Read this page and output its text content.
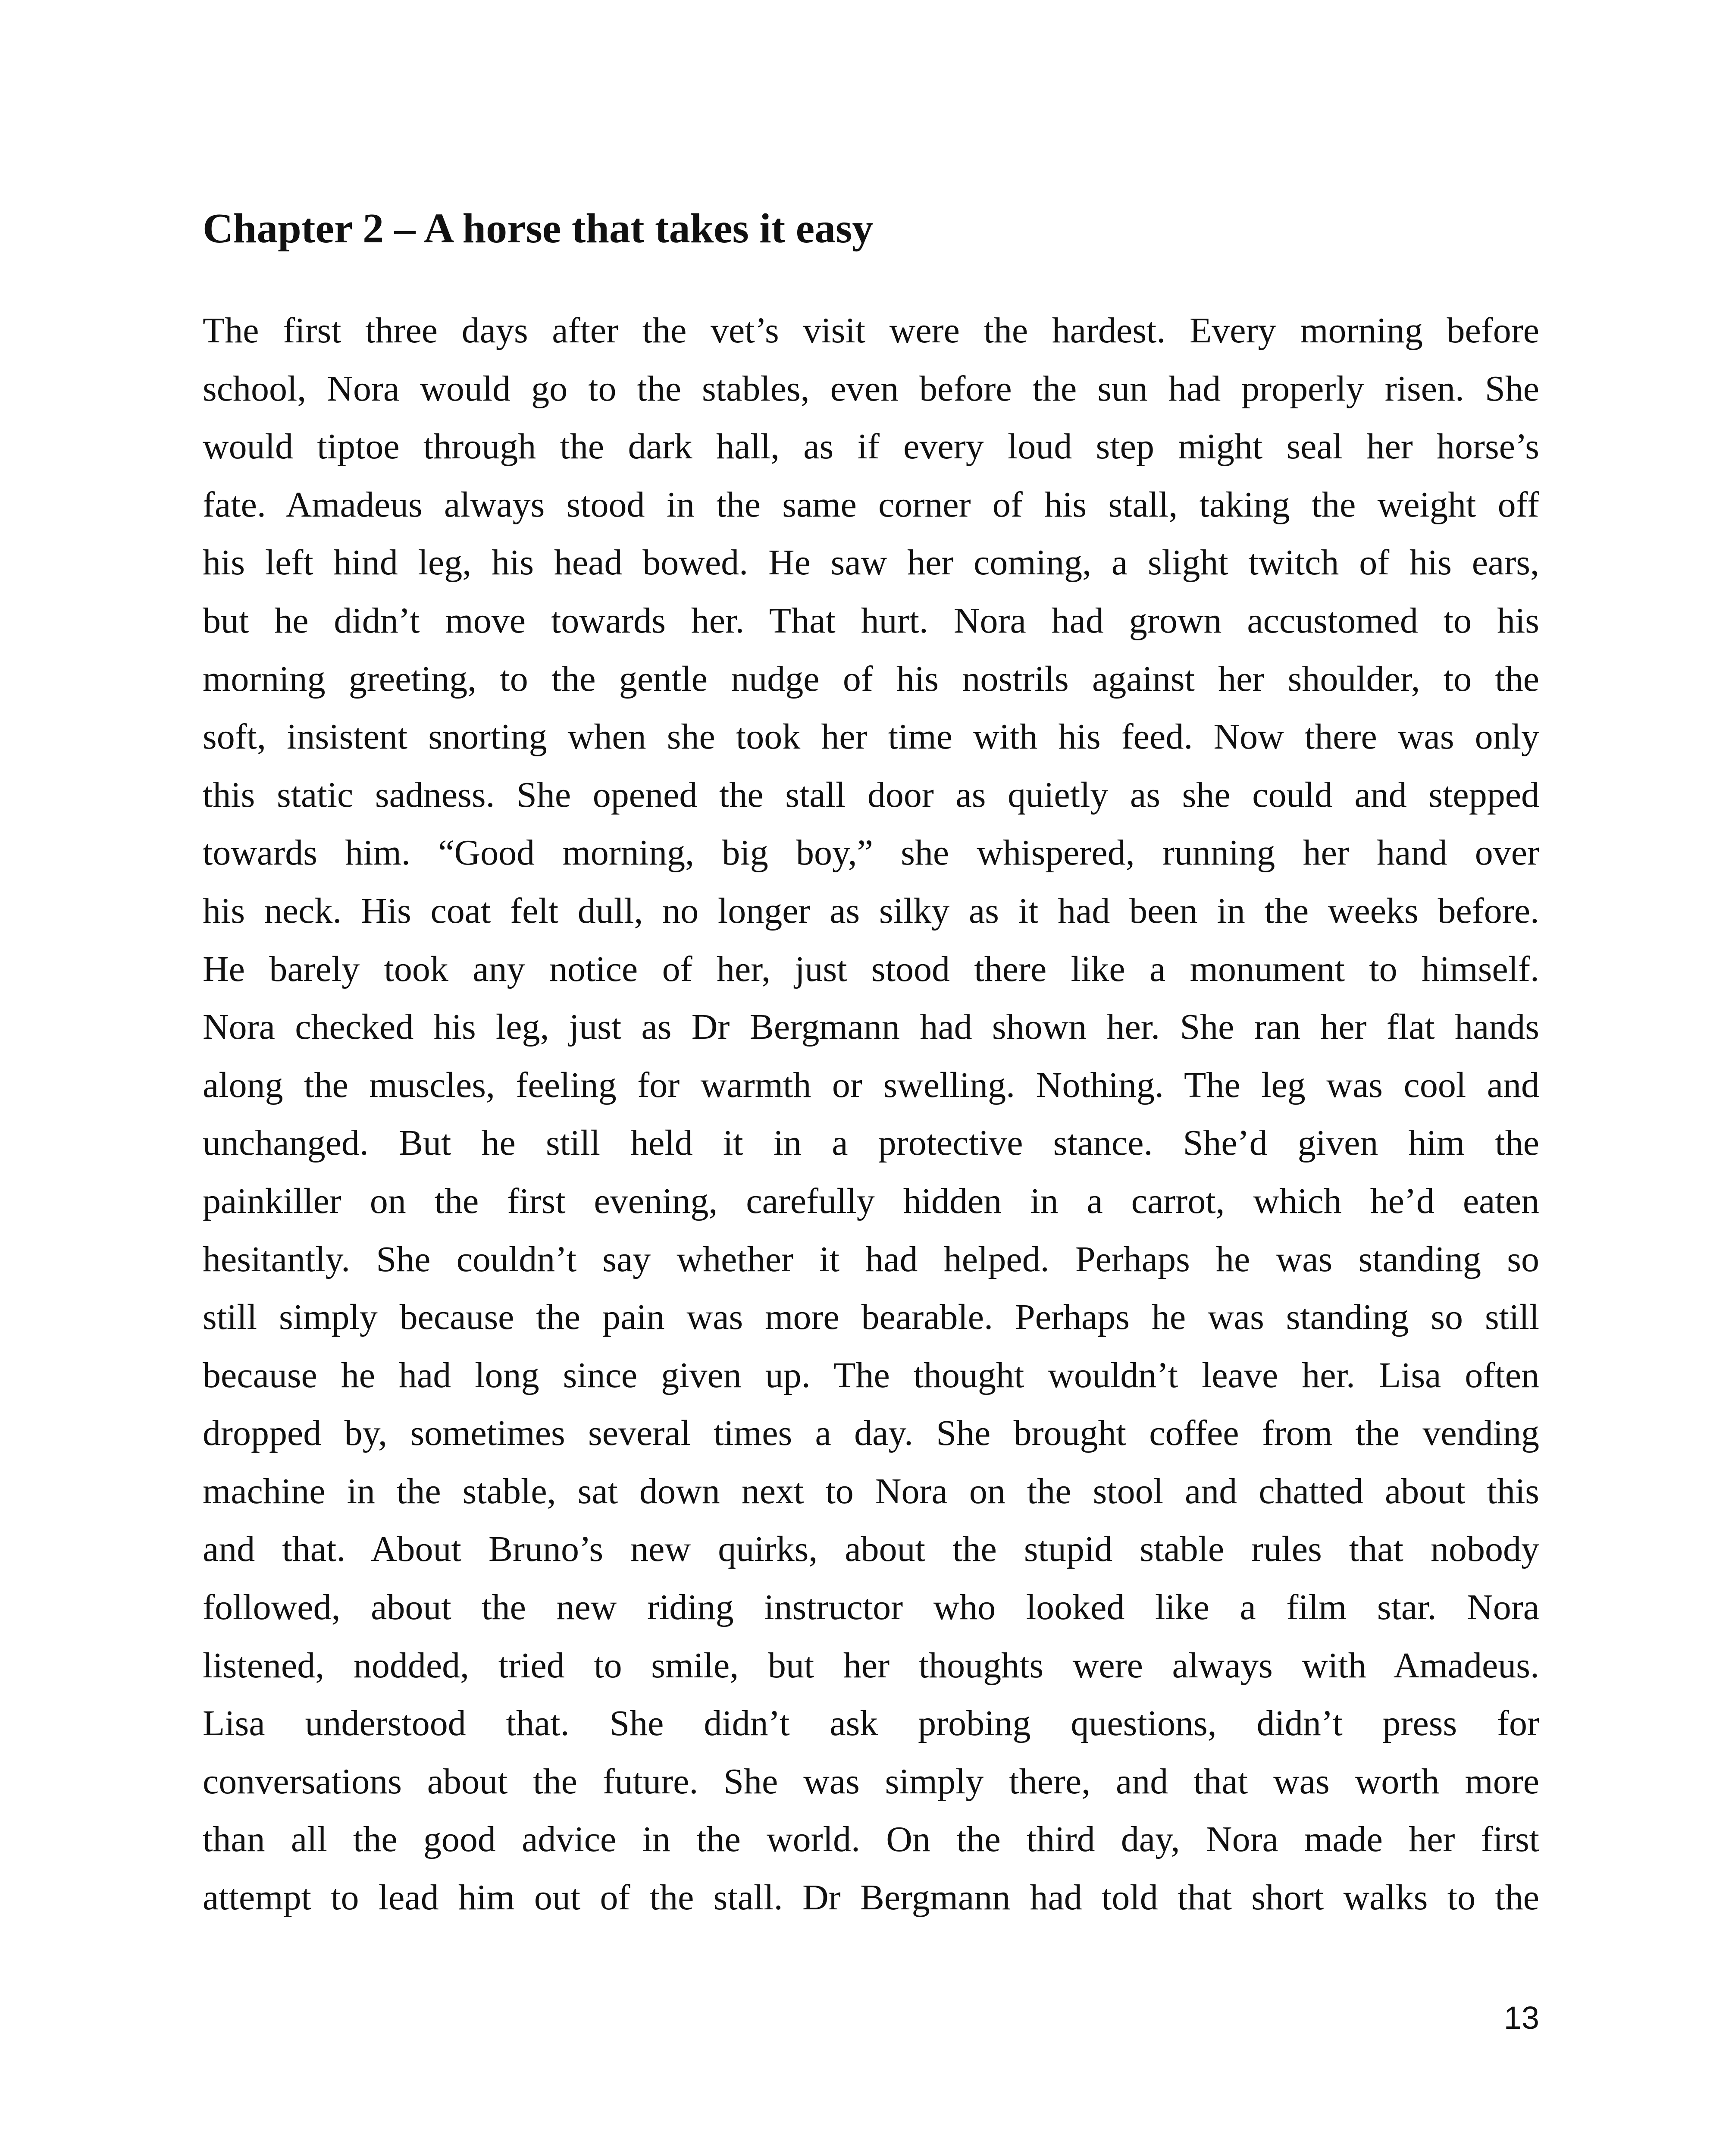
Chapter 2 – A horse that takes it easy
The first three days after the vet’s visit were the hardest. Every morning before
school, Nora would go to the stables, even before the sun had properly risen. She
would tiptoe through the dark hall, as if every loud step might seal her horse’s
fate. Amadeus always stood in the same corner of his stall, taking the weight off
his left hind leg, his head bowed. He saw her coming, a slight twitch of his ears,
but he didn’t move towards her. That hurt. Nora had grown accustomed to his
morning greeting, to the gentle nudge of his nostrils against her shoulder, to the
soft, insistent snorting when she took her time with his feed. Now there was only
this static sadness. She opened the stall door as quietly as she could and stepped
towards him. “Good morning, big boy,” she whispered, running her hand over
his neck. His coat felt dull, no longer as silky as it had been in the weeks before.
He barely took any notice of her, just stood there like a monument to himself.
Nora checked his leg, just as Dr Bergmann had shown her. She ran her flat hands
along the muscles, feeling for warmth or swelling. Nothing. The leg was cool and
unchanged. But he still held it in a protective stance. She’d given him the
painkiller on the first evening, carefully hidden in a carrot, which he’d eaten
hesitantly. She couldn’t say whether it had helped. Perhaps he was standing so
still simply because the pain was more bearable. Perhaps he was standing so still
because he had long since given up. The thought wouldn’t leave her. Lisa often
dropped by, sometimes several times a day. She brought coffee from the vending
machine in the stable, sat down next to Nora on the stool and chatted about this
and that. About Bruno’s new quirks, about the stupid stable rules that nobody
followed, about the new riding instructor who looked like a film star. Nora
listened, nodded, tried to smile, but her thoughts were always with Amadeus.
Lisa understood that. She didn’t ask probing questions, didn’t press for
conversations about the future. She was simply there, and that was worth more
than all the good advice in the world. On the third day, Nora made her first
attempt to lead him out of the stall. Dr Bergmann had told that short walks to the
13
